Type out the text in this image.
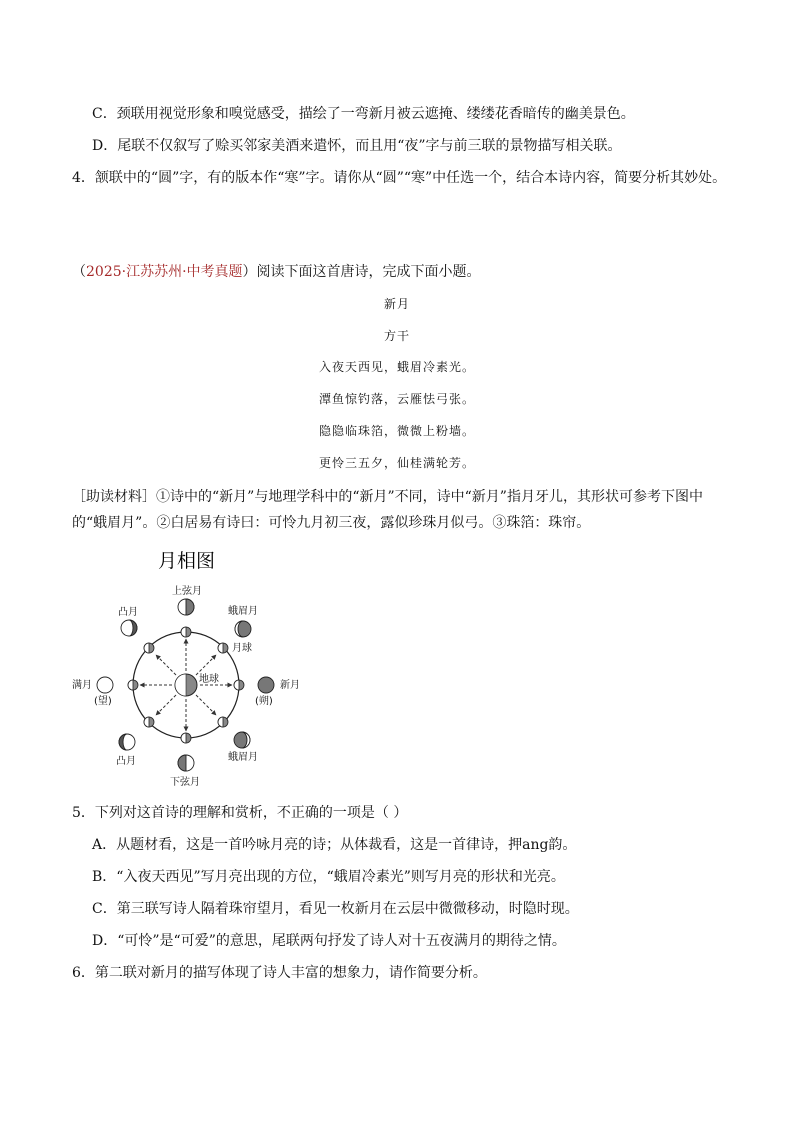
C．颈联用视觉形象和嗅觉感受，描绘了一弯新月被云遮掩、缕缕花香暗传的幽美景色。
D．尾联不仅叙写了赊买邻家美酒来遣怀，而且用“夜”字与前三联的景物描写相关联。
4．颔联中的“圆”字，有的版本作“寒”字。请你从“圆”“寒”中任选一个，结合本诗内容，简要分析其妙处。
（2025·江苏苏州·中考真题）阅读下面这首唐诗，完成下面小题。
新月
方干
入夜天西见，蛾眉冷素光。
潭鱼惊钓落，云雁怯弓张。
隐隐临珠箔，微微上粉墙。
更怜三五夕，仙桂满轮芳。
［助读材料］①诗中的“新月”与地理学科中的“新月”不同，诗中“新月”指月牙儿，其形状可参考下图中的“蛾眉月”。②白居易有诗曰：可怜九月初三夜，露似珍珠月似弓。③珠箔：珠帘。
月相图
地球
月球
上弦月
凸月	蛾眉月
满月
(望)
新月
(朔)
凸月	蛾眉月
下弦月
5．下列对这首诗的理解和赏析，不正确的一项是（ ）
A．从题材看，这是一首吟咏月亮的诗；从体裁看，这是一首律诗，押ang韵。
B．“入夜天西见”写月亮出现的方位，“蛾眉冷素光”则写月亮的形状和光亮。
C．第三联写诗人隔着珠帘望月，看见一枚新月在云层中微微移动，时隐时现。
D．“可怜”是“可爱”的意思，尾联两句抒发了诗人对十五夜满月的期待之情。
6．第二联对新月的描写体现了诗人丰富的想象力，请作简要分析。
